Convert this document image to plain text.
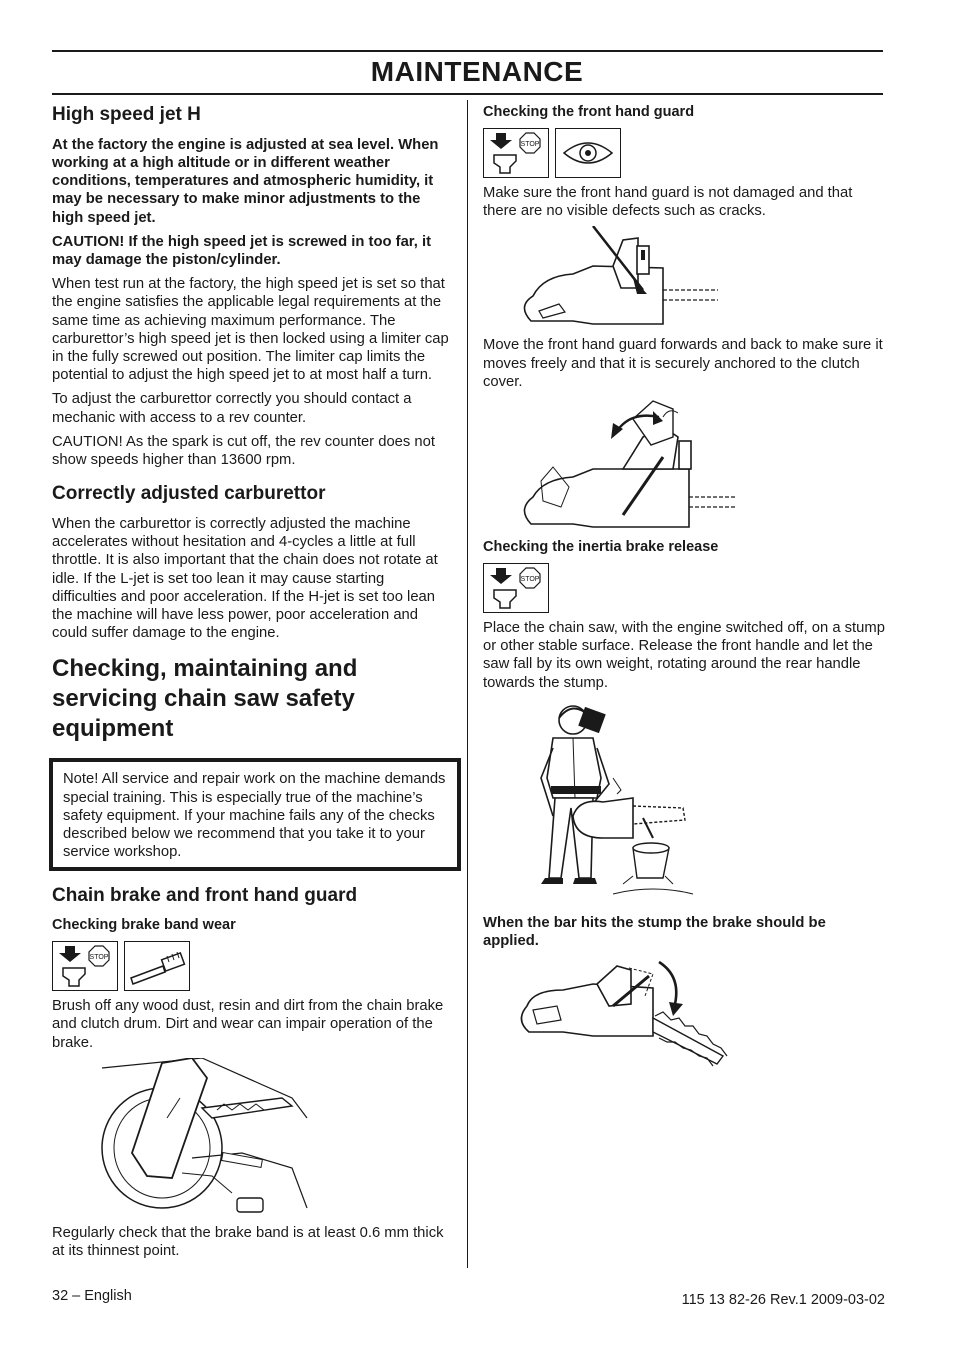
MAINTENANCE
High speed jet H

At the factory the engine is adjusted at sea level. When working at a high altitude or in different weather conditions, temperatures and atmospheric humidity, it may be necessary to make minor adjustments to the high speed jet.

CAUTION! If the high speed jet is screwed in too far, it may damage the piston/cylinder.

When test run at the factory, the high speed jet is set so that the engine satisfies the applicable legal requirements at the same time as achieving maximum performance. The carburettor’s high speed jet is then locked using a limiter cap in the fully screwed out position. The limiter cap limits the potential to adjust the high speed jet to at most half a turn.

To adjust the carburettor correctly you should contact a mechanic with access to a rev counter.

CAUTION! As the spark is cut off, the rev counter does not show speeds higher than 13600 rpm.

Correctly adjusted carburettor

When the carburettor is correctly adjusted the machine accelerates without hesitation and 4-cycles a little at full throttle. It is also important that the chain does not rotate at idle. If the L-jet is set too lean it may cause starting difficulties and poor acceleration. If the H-jet is set too lean the machine will have less power, poor acceleration and could suffer damage to the engine.

Checking, maintaining and servicing chain saw safety equipment

Note! All service and repair work on the machine demands special training. This is especially true of the machine’s safety equipment. If your machine fails any of the checks described below we recommend that you take it to your service workshop.

Chain brake and front hand guard
Checking brake band wear
STOP

Brush off any wood dust, resin and dirt from the chain brake and clutch drum. Dirt and wear can impair operation of the brake.

Regularly check that the brake band is at least 0.6 mm thick at its thinnest point.

Checking the front hand guard
STOP

Make sure the front hand guard is not damaged and that there are no visible defects such as cracks.

Move the front hand guard forwards and back to make sure it moves freely and that it is securely anchored to the clutch cover.

Checking the inertia brake release
STOP

Place the chain saw, with the engine switched off, on a stump or other stable surface. Release the front handle and let the saw fall by its own weight, rotating around the rear handle towards the stump.

When the bar hits the stump the brake should be applied.

32 – English	115 13 82-26 Rev.1 2009-03-02
